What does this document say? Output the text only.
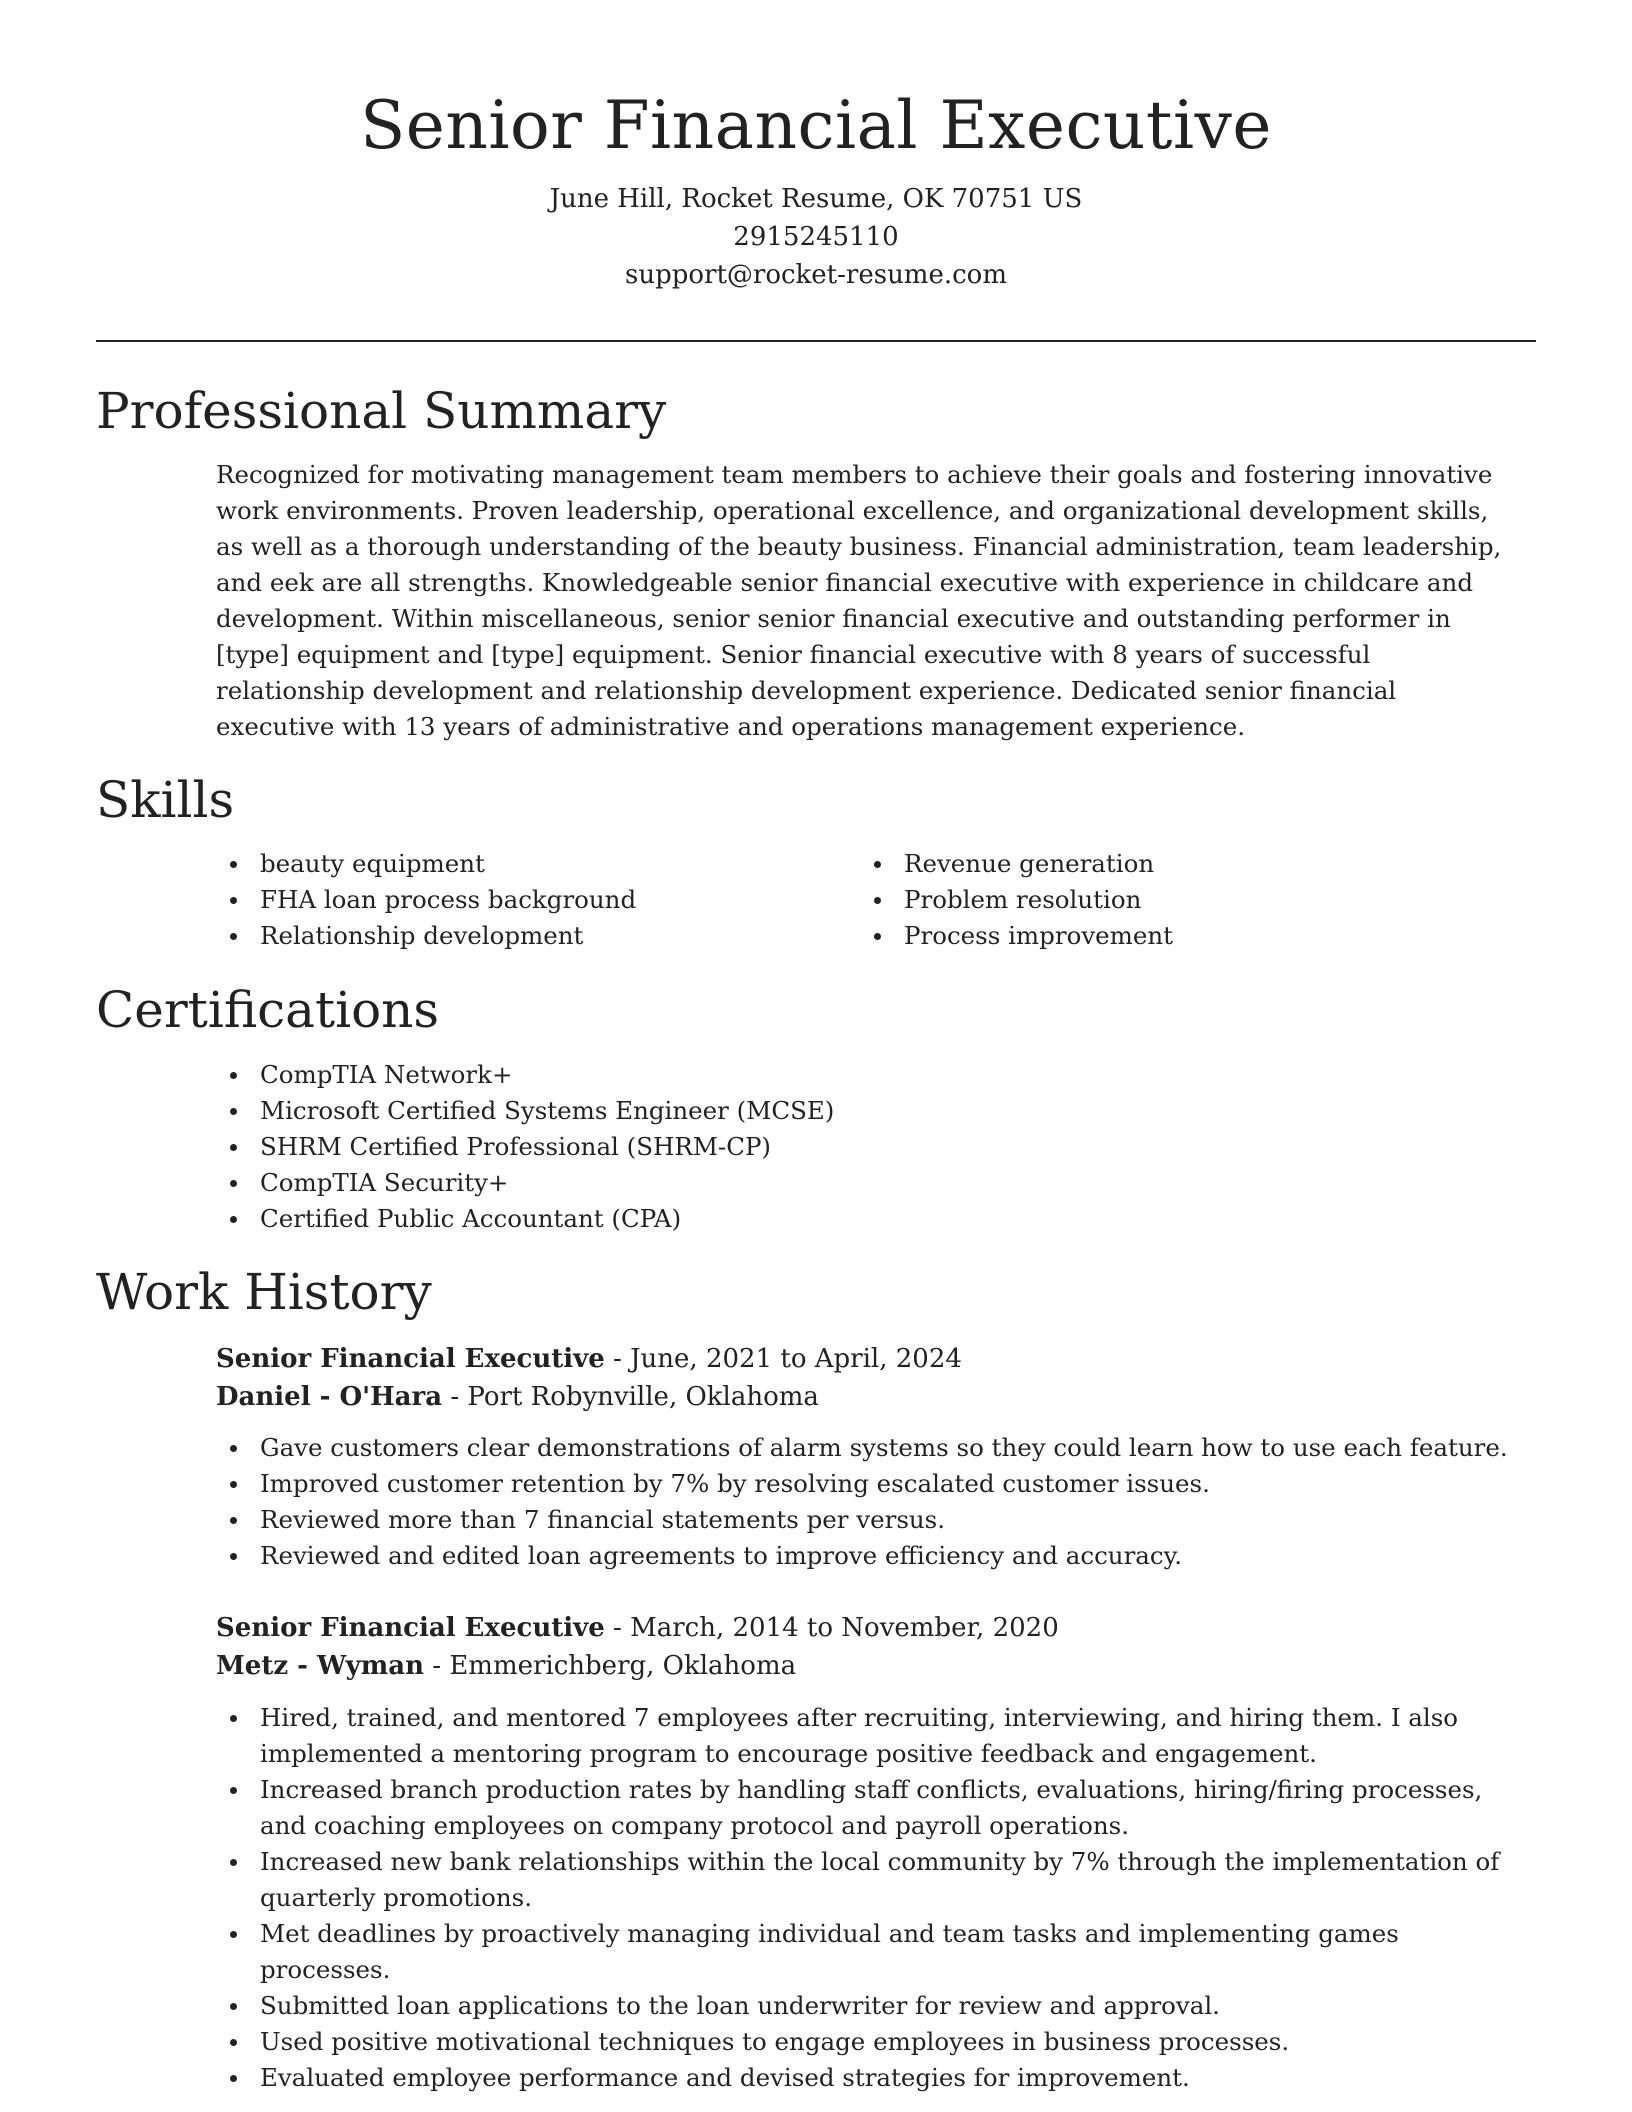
Senior Financial Executive
June Hill, Rocket Resume, OK 70751 US
2915245110
support@rocket-resume.com
Professional Summary
Recognized for motivating management team members to achieve their goals and fostering innovative work environments. Proven leadership, operational excellence, and organizational development skills, as well as a thorough understanding of the beauty business. Financial administration, team leadership, and eek are all strengths. Knowledgeable senior financial executive with experience in childcare and development. Within miscellaneous, senior senior financial executive and outstanding performer in [type] equipment and [type] equipment. Senior financial executive with 8 years of successful relationship development and relationship development experience. Dedicated senior financial executive with 13 years of administrative and operations management experience.
Skills
beauty equipment
FHA loan process background
Relationship development
Revenue generation
Problem resolution
Process improvement
Certifications
CompTIA Network+
Microsoft Certified Systems Engineer (MCSE)
SHRM Certified Professional (SHRM-CP)
CompTIA Security+
Certified Public Accountant (CPA)
Work History
Senior Financial Executive - June, 2021 to April, 2024
Daniel - O'Hara - Port Robynville, Oklahoma
Gave customers clear demonstrations of alarm systems so they could learn how to use each feature.
Improved customer retention by 7% by resolving escalated customer issues.
Reviewed more than 7 financial statements per versus.
Reviewed and edited loan agreements to improve efficiency and accuracy.
Senior Financial Executive - March, 2014 to November, 2020
Metz - Wyman - Emmerichberg, Oklahoma
Hired, trained, and mentored 7 employees after recruiting, interviewing, and hiring them. I also implemented a mentoring program to encourage positive feedback and engagement.
Increased branch production rates by handling staff conflicts, evaluations, hiring/firing processes, and coaching employees on company protocol and payroll operations.
Increased new bank relationships within the local community by 7% through the implementation of quarterly promotions.
Met deadlines by proactively managing individual and team tasks and implementing games processes.
Submitted loan applications to the loan underwriter for review and approval.
Used positive motivational techniques to engage employees in business processes.
Evaluated employee performance and devised strategies for improvement.
